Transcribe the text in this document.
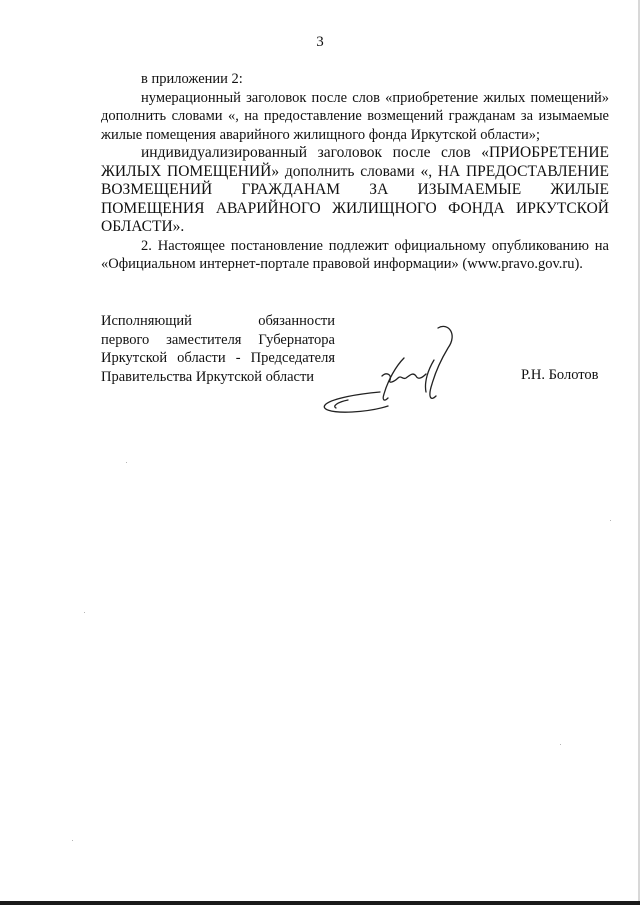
3

в приложении 2:

нумерационный заголовок после слов «приобретение жилых помещений» дополнить словами «, на предоставление возмещений гражданам за изымаемые жилые помещения аварийного жилищного фонда Иркутской области»;

индивидуализированный заголовок после слов «ПРИОБРЕТЕНИЕ ЖИЛЫХ ПОМЕЩЕНИЙ» дополнить словами «, НА ПРЕДОСТАВЛЕНИЕ ВОЗМЕЩЕНИЙ ГРАЖДАНАМ ЗА ИЗЫМАЕМЫЕ ЖИЛЫЕ ПОМЕЩЕНИЯ АВАРИЙНОГО ЖИЛИЩНОГО ФОНДА ИРКУТСКОЙ ОБЛАСТИ».

2. Настоящее постановление подлежит официальному опубликованию на «Официальном интернет-портале правовой информации» (www.pravo.gov.ru).

Исполняющий обязанности
первого заместителя Губернатора
Иркутской области - Председателя
Правительства Иркутской области	Р.Н. Болотов
